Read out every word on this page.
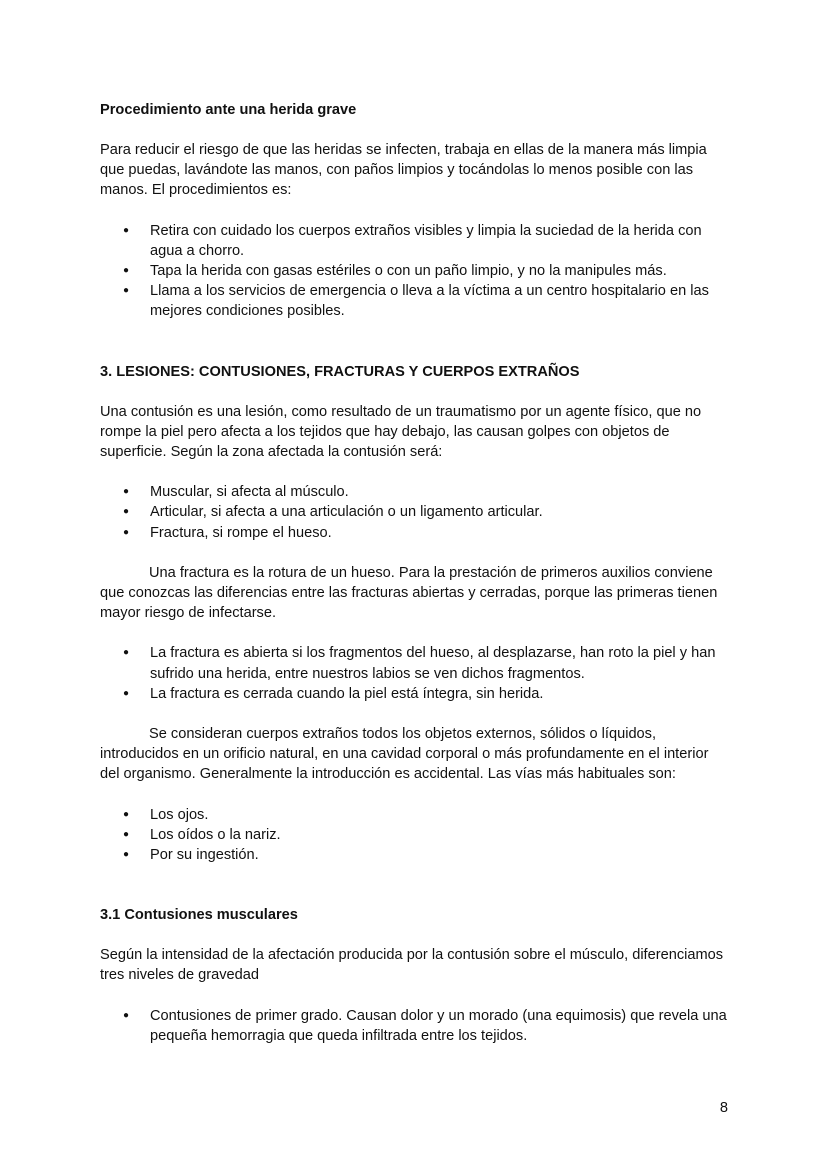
Procedimiento ante una herida grave

Para reducir el riesgo de que las heridas se infecten, trabaja en ellas de la manera más limpia que puedas, lavándote las manos, con paños limpios y tocándolas lo menos posible con las manos. El procedimientos es:

● Retira con cuidado los cuerpos extraños visibles y limpia la suciedad de la herida con agua a chorro.
● Tapa la herida con gasas estériles o con un paño limpio, y no la manipules más.
● Llama a los servicios de emergencia o lleva a la víctima a un centro hospitalario en las mejores condiciones posibles.
3. LESIONES: CONTUSIONES, FRACTURAS Y CUERPOS EXTRAÑOS

Una contusión es una lesión, como resultado de un traumatismo por un agente físico, que no rompe la piel pero afecta a los tejidos que hay debajo, las causan golpes con objetos de superficie. Según la zona afectada la contusión será:

● Muscular, si afecta al músculo.
● Articular, si afecta a una articulación o un ligamento articular.
● Fractura, si rompe el hueso.

Una fractura es la rotura de un hueso. Para la prestación de primeros auxilios conviene que conozcas las diferencias entre las fracturas abiertas y cerradas, porque las primeras tienen mayor riesgo de infectarse.

● La fractura es abierta si los fragmentos del hueso, al desplazarse, han roto la piel y han sufrido una herida, entre nuestros labios se ven dichos fragmentos.
● La fractura es cerrada cuando la piel está íntegra, sin herida.

Se consideran cuerpos extraños todos los objetos externos, sólidos o líquidos, introducidos en un orificio natural, en una cavidad corporal o más profundamente en el interior del organismo. Generalmente la introducción es accidental. Las vías más habituales son:

● Los ojos.
● Los oídos o la nariz.
● Por su ingestión.
3.1 Contusiones musculares

Según la intensidad de la afectación producida por la contusión sobre el músculo, diferenciamos tres niveles de gravedad

● Contusiones de primer grado. Causan dolor y un morado (una equimosis) que revela una pequeña hemorragia que queda infiltrada entre los tejidos.
8
